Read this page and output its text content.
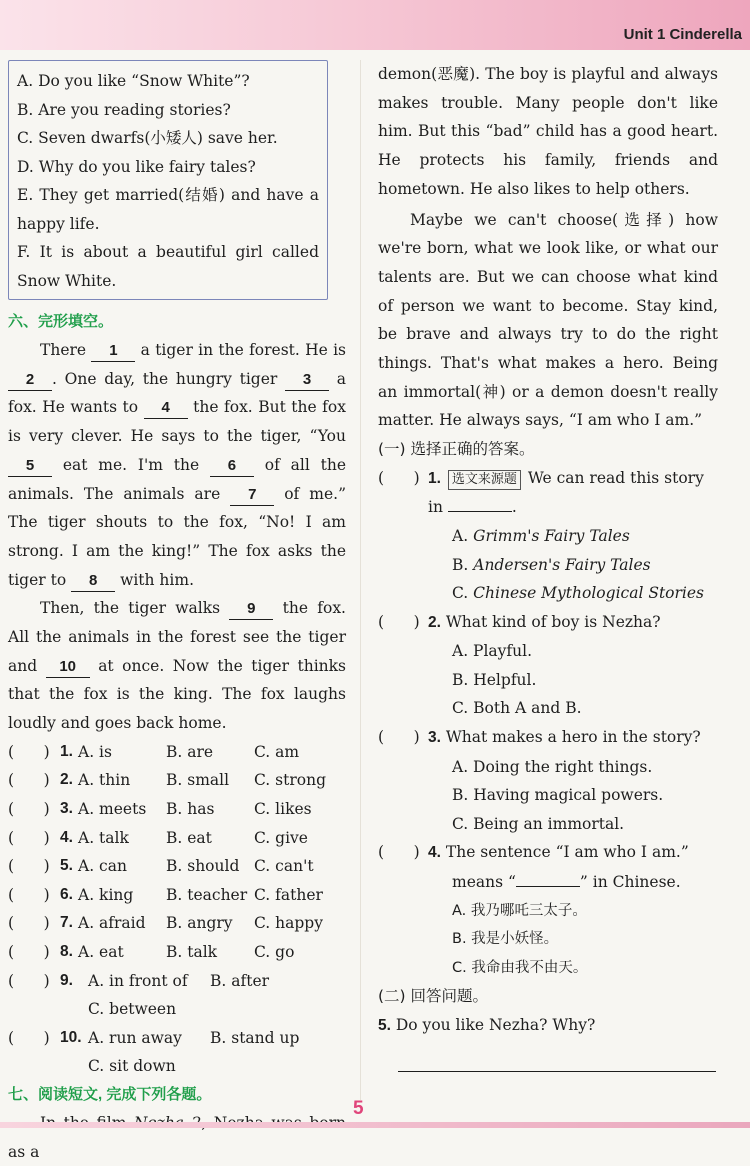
Unit 1 Cinderella
A. Do you like “Snow White”?
B. Are you reading stories?
C. Seven dwarfs(小矮人) save her.
D. Why do you like fairy tales?
E. They get married(结婚) and have a happy life.
F. It is about a beautiful girl called Snow White.
六、完形填空。
There 1 a tiger in the forest. He is 2 . One day, the hungry tiger 3 a fox. He wants to 4 the fox. But the fox is very clever. He says to the tiger, “You 5 eat me. I'm the 6 of all the animals. The animals are 7 of me.” The tiger shouts to the fox, “No! I am strong. I am the king!” The fox asks the tiger to 8 with him.
Then, the tiger walks 9 the fox. All the animals in the forest see the tiger and 10 at once. Now the tiger thinks that the fox is the king. The fox laughs loudly and goes back home.
(      ) 1. A. is	B. are	C. am
(      ) 2. A. thin B. small C. strong
(      ) 3. A. meets B. has	C. likes
(      ) 4. A. talk B. eat	C. give
(      ) 5. A. can	B. should C. can't
(      ) 6. A. king B. teacher C. father
(      ) 7. A. afraid B. angry C. happy
(      ) 8. A. eat	B. talk C. go
(      ) 9. A. in front of B. after
C. between
(      ) 10. A. run away B. stand up
C. sit down
七、阅读短文, 完成下列各题。
as a
demon(恶魔). The boy is playful and always makes trouble. Many people don't like him. But this “bad” child has a good heart. He protects his family, friends and hometown. He also likes to help others.
Maybe we can't choose(选择) how we're born, what we look like, or what our talents are. But we can choose what kind of person we want to become. Stay kind, be brave and always try to do the right things. That's what makes a hero. Being an immortal(神) or a demon doesn't really matter. He always says, “I am who I am.”
(一) 选择正确的答案。
(      ) 1. 选文来源题 We can read this story in	.
A. Grimm's Fairy Tales
B. Andersen's Fairy Tales
C. Chinese Mythological Stories
(      ) 2. What kind of boy is Nezha?
A. Playful.
B. Helpful.
C. Both A and B.
(      ) 3. What makes a hero in the story?
A. Doing the right things.
B. Having magical powers.
C. Being an immortal.
(      ) 4. The sentence “I am who I am.”
means “	” in Chinese.
A. 我乃哪吒三太子。
B. 我是小妖怪。
C. 我命由我不由天。
(二) 回答问题。
5. Do you like Nezha? Why?
5
